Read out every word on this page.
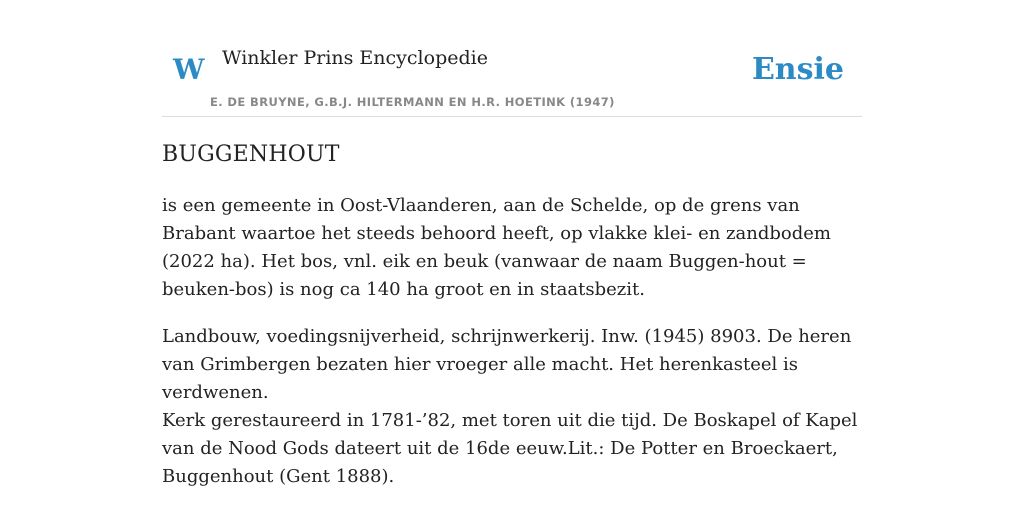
W Winkler Prins Encyclopedie
E. DE BRUYNE, G.B.J. HILTERMANN EN H.R. HOETINK (1947)
Ensie
BUGGENHOUT

is een gemeente in Oost-Vlaanderen, aan de Schelde, op de grens van Brabant waartoe het steeds behoord heeft, op vlakke klei- en zandbodem (2022 ha). Het bos, vnl. eik en beuk (vanwaar de naam Buggen-hout = beuken-bos) is nog ca 140 ha groot en in staatsbezit.

Landbouw, voedingsnijverheid, schrijnwerkerij. Inw. (1945) 8903. De heren van Grimbergen bezaten hier vroeger alle macht. Het herenkasteel is verdwenen.

Kerk gerestaureerd in 1781-’82, met toren uit die tijd. De Boskapel of Kapel van de Nood Gods dateert uit de 16de eeuw.Lit.: De Potter en Broeckaert, Buggenhout (Gent 1888).
